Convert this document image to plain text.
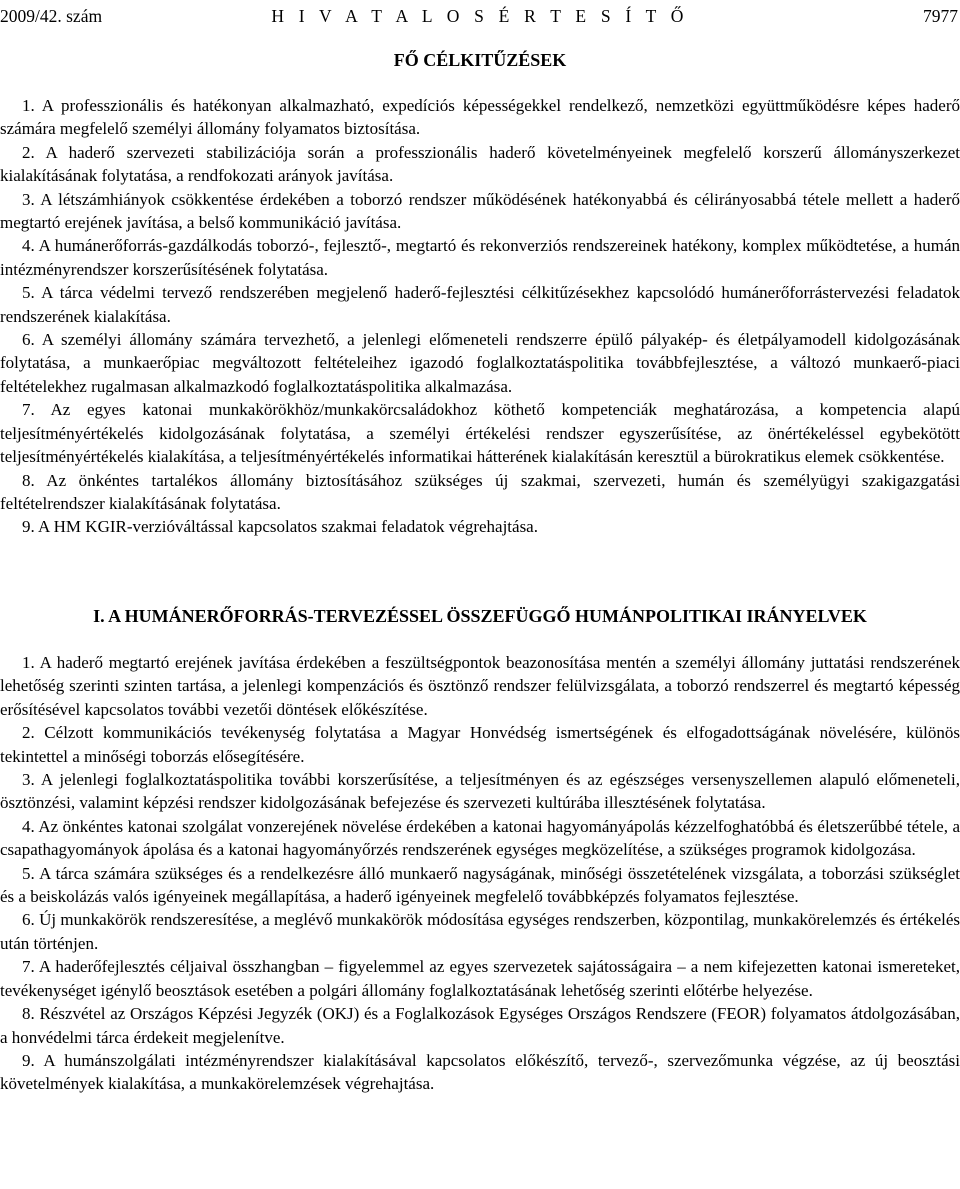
2009/42. szám	H I V A T A L O S É R T E S Í T Ő	7977
FŐ CÉLKITŰZÉSEK

1. A professzionális és hatékonyan alkalmazható, expedíciós képességekkel rendelkező, nemzetközi együttműködésre képes haderő számára megfelelő személyi állomány folyamatos biztosítása.

2. A haderő szervezeti stabilizációja során a professzionális haderő követelményeinek megfelelő korszerű állományszerkezet kialakításának folytatása, a rendfokozati arányok javítása.

3. A létszámhiányok csökkentése érdekében a toborzó rendszer működésének hatékonyabbá és célirányosabbá tétele mellett a haderő megtartó erejének javítása, a belső kommunikáció javítása.

4. A humánerőforrás-gazdálkodás toborzó-, fejlesztő-, megtartó és rekonverziós rendszereinek hatékony, komplex működtetése, a humán intézményrendszer korszerűsítésének folytatása.

5. A tárca védelmi tervező rendszerében megjelenő haderő-fejlesztési célkitűzésekhez kapcsolódó humánerőforrástervezési feladatok rendszerének kialakítása.

6. A személyi állomány számára tervezhető, a jelenlegi előmeneteli rendszerre épülő pályakép- és életpályamodell kidolgozásának folytatása, a munkaerőpiac megváltozott feltételeihez igazodó foglalkoztatáspolitika továbbfejlesztése, a változó munkaerő-piaci feltételekhez rugalmasan alkalmazkodó foglalkoztatáspolitika alkalmazása.

7. Az egyes katonai munkakörökhöz/munkakörcsaládokhoz köthető kompetenciák meghatározása, a kompetencia alapú teljesítményértékelés kidolgozásának folytatása, a személyi értékelési rendszer egyszerűsítése, az önértékeléssel egybekötött teljesítményértékelés kialakítása, a teljesítményértékelés informatikai hátterének kialakításán keresztül a bürokratikus elemek csökkentése.

8. Az önkéntes tartalékos állomány biztosításához szükséges új szakmai, szervezeti, humán és személyügyi szakigazgatási feltételrendszer kialakításának folytatása.

9. A HM KGIR-verzióváltással kapcsolatos szakmai feladatok végrehajtása.

I. A HUMÁNERŐFORRÁS-TERVEZÉSSEL ÖSSZEFÜGGŐ HUMÁNPOLITIKAI IRÁNYELVEK

1. A haderő megtartó erejének javítása érdekében a feszültségpontok beazonosítása mentén a személyi állomány juttatási rendszerének lehetőség szerinti szinten tartása, a jelenlegi kompenzációs és ösztönző rendszer felülvizsgálata, a toborzó rendszerrel és megtartó képesség erősítésével kapcsolatos további vezetői döntések előkészítése.

2. Célzott kommunikációs tevékenység folytatása a Magyar Honvédség ismertségének és elfogadottságának növelésére, különös tekintettel a minőségi toborzás elősegítésére.

3. A jelenlegi foglalkoztatáspolitika további korszerűsítése, a teljesítményen és az egészséges versenyszellemen alapuló előmeneteli, ösztönzési, valamint képzési rendszer kidolgozásának befejezése és szervezeti kultúrába illesztésének folytatása.

4. Az önkéntes katonai szolgálat vonzerejének növelése érdekében a katonai hagyományápolás kézzelfoghatóbbá és életszerűbbé tétele, a csapathagyományok ápolása és a katonai hagyományőrzés rendszerének egységes megközelítése, a szükséges programok kidolgozása.

5. A tárca számára szükséges és a rendelkezésre álló munkaerő nagyságának, minőségi összetételének vizsgálata, a toborzási szükséglet és a beiskolázás valós igényeinek megállapítása, a haderő igényeinek megfelelő továbbképzés folyamatos fejlesztése.

6. Új munkakörök rendszeresítése, a meglévő munkakörök módosítása egységes rendszerben, központilag, munkakörelemzés és értékelés után történjen.

7. A haderőfejlesztés céljaival összhangban – figyelemmel az egyes szervezetek sajátosságaira – a nem kifejezetten katonai ismereteket, tevékenységet igénylő beosztások esetében a polgári állomány foglalkoztatásának lehetőség szerinti előtérbe helyezése.

8. Részvétel az Országos Képzési Jegyzék (OKJ) és a Foglalkozások Egységes Országos Rendszere (FEOR) folyamatos átdolgozásában, a honvédelmi tárca érdekeit megjelenítve.

9. A humánszolgálati intézményrendszer kialakításával kapcsolatos előkészítő, tervező-, szervezőmunka végzése, az új beosztási követelmények kialakítása, a munkakörelemzések végrehajtása.
